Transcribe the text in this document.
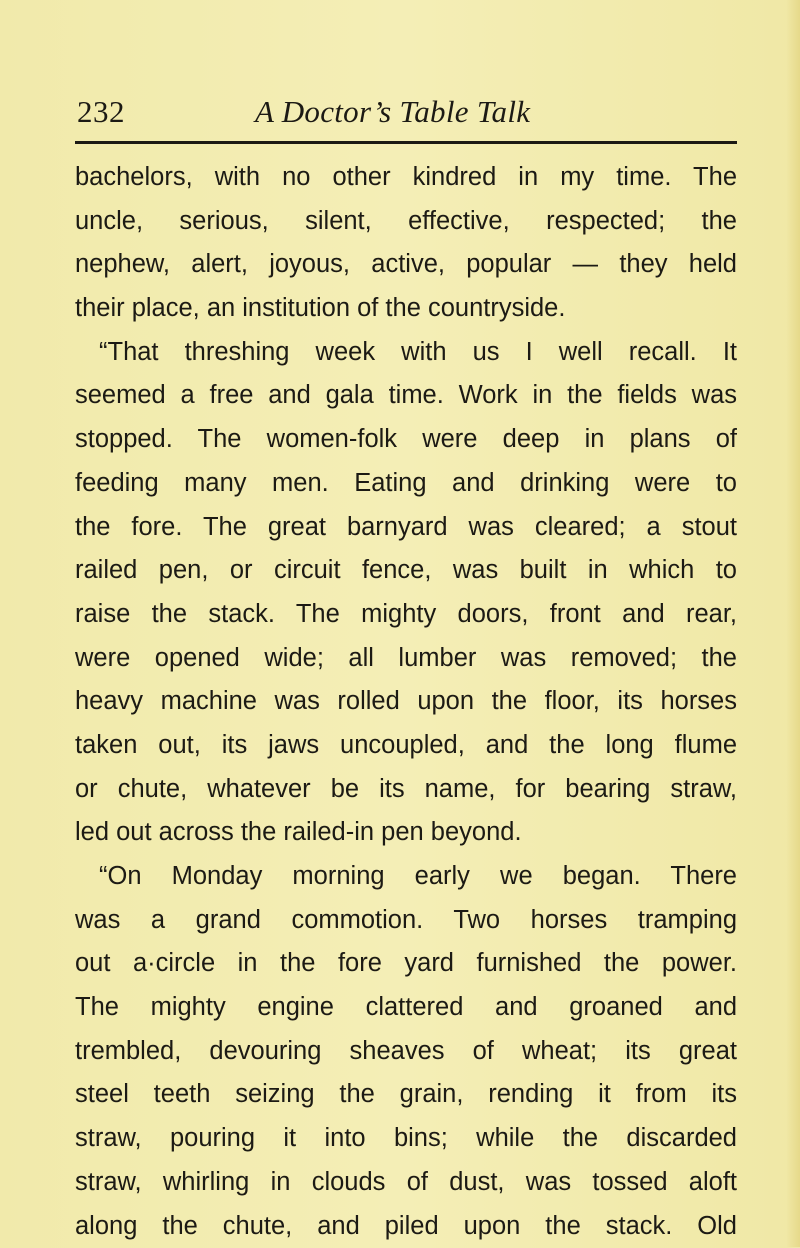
232	A Doctor’s Table Talk
bachelors, with no other kindred in my time. The
uncle, serious, silent, effective, respected; the
nephew, alert, joyous, active, popular — they held
their place, an institution of the countryside.
“That threshing week with us I well recall. It
seemed a free and gala time. Work in the fields was
stopped. The women-folk were deep in plans of
feeding many men. Eating and drinking were to
the fore. The great barnyard was cleared; a stout
railed pen, or circuit fence, was built in which to
raise the stack. The mighty doors, front and rear,
were opened wide; all lumber was removed; the
heavy machine was rolled upon the floor, its horses
taken out, its jaws uncoupled, and the long flume
or chute, whatever be its name, for bearing straw,
led out across the railed-in pen beyond.
“On Monday morning early we began. There
was a grand commotion. Two horses tramping
out a·circle in the fore yard furnished the power.
The mighty engine clattered and groaned and
trembled, devouring sheaves of wheat; its great
steel teeth seizing the grain, rending it from its
straw, pouring it into bins; while the discarded
straw, whirling in clouds of dust, was tossed aloft
along the chute, and piled upon the stack. Old
